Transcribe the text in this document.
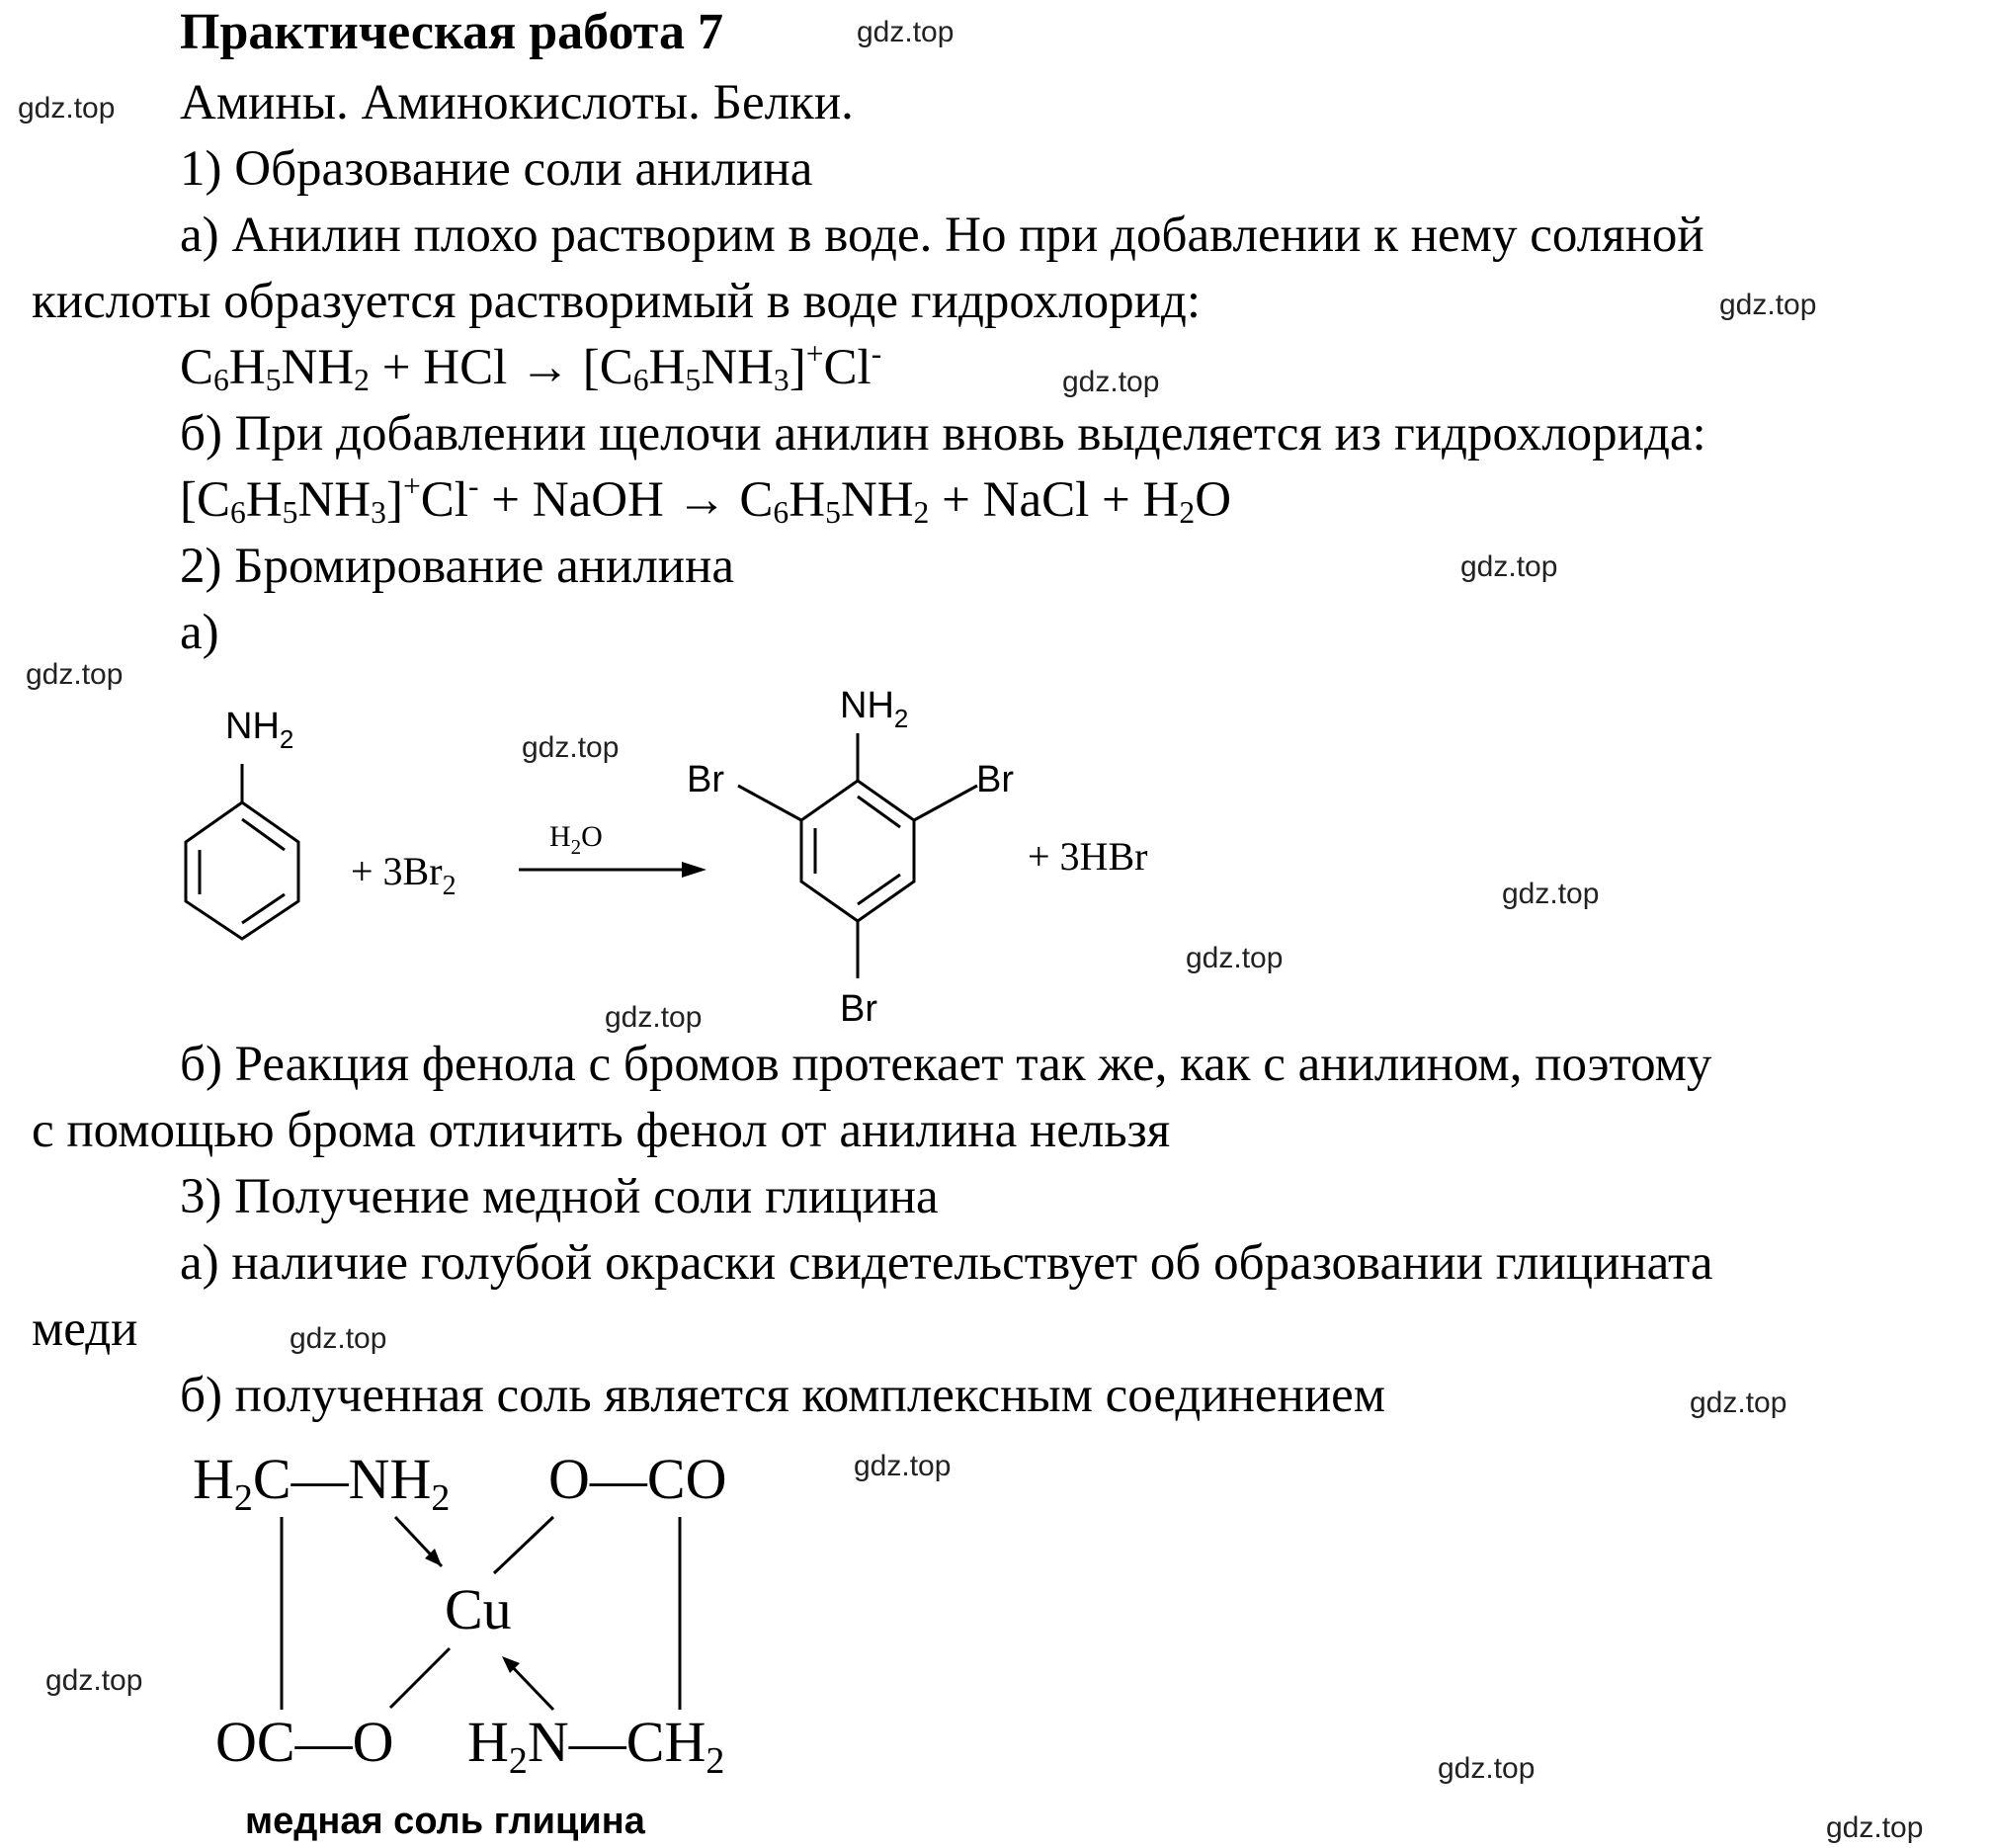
Практическая работа 7
Амины. Аминокислоты. Белки.
1) Образование соли анилина
а) Анилин плохо растворим в воде. Но при добавлении к нему соляной
кислоты образуется растворимый в воде гидрохлорид:
$C_6H_5NH_2$ + HCl → $[C_6H_5NH_3]^+Cl^-$
б) При добавлении щелочи анилин вновь выделяется из гидрохлорида:
$[C_6H_5NH_3]^+Cl^-$ + NaOH → $C_6H_5NH_2$ + NaCl + $H_2O$
2) Бромирование анилина
а)
$NH_2$
+ $3Br_2$
$H_2O$
$NH_2$
Br	Br
Br
+ 3HBr
б) Реакция фенола с бромов протекает так же, как с анилином, поэтому
с помощью брома отличить фенол от анилина нельзя
3) Получение медной соли глицина
а) наличие голубой окраски свидетельствует об образовании глицината
меди
б) полученная соль является комплексным соединением
$H_2C—NH_2$ O—CO
Cu
OC—O $H_2N—CH_2$
медная соль глицина
gdz.top
gdz.top
gdz.top
gdz.top
gdz.top
gdz.top
gdz.top
gdz.top
gdz.top
gdz.top
gdz.top
gdz.top
gdz.top
gdz.top
gdz.top
gdz.top
